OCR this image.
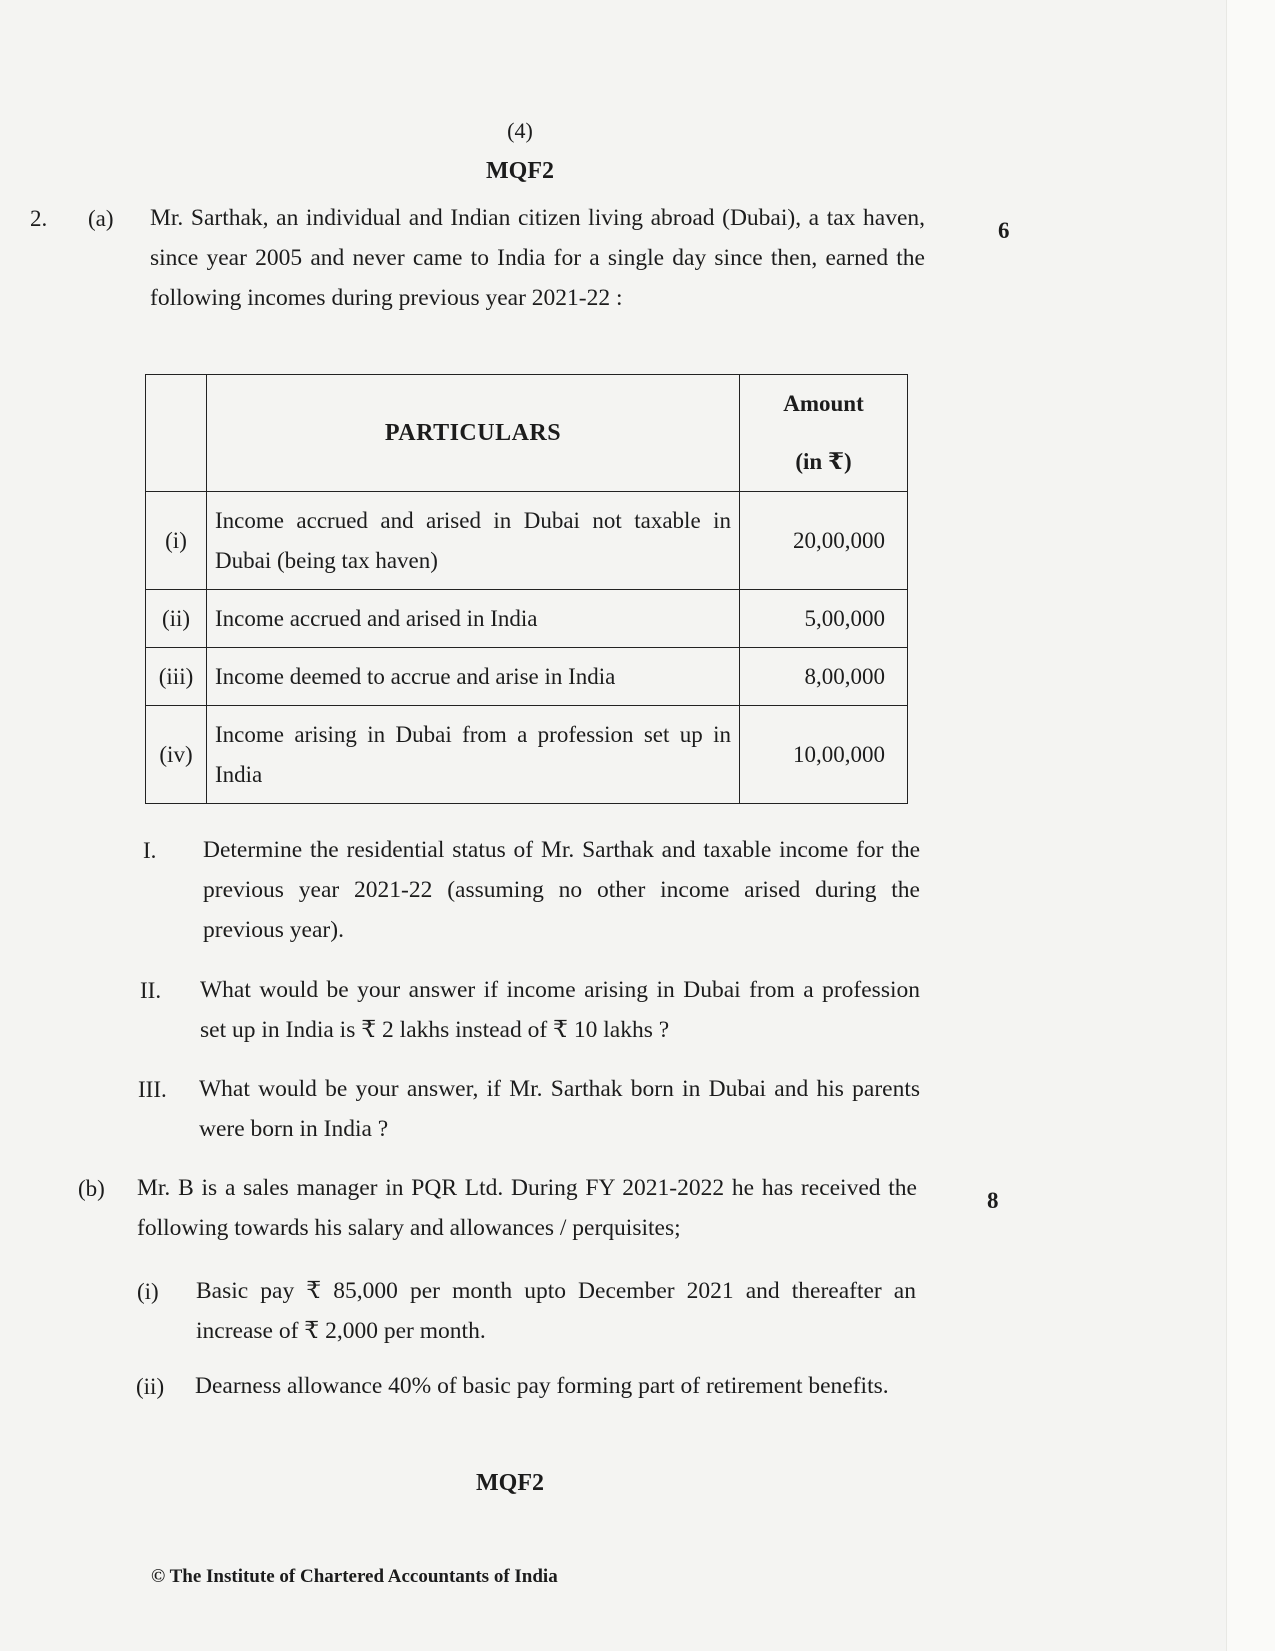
(4)
MQF2
2. (a)	6
Mr. Sarthak, an individual and Indian citizen living abroad (Dubai), a tax haven, since year 2005 and never came to India for a single day since then, earned the following incomes during previous year 2021-22 :
	PARTICULARS	Amount
(in ₹)

(i)	Income accrued and arised in Dubai not taxable in Dubai (being tax haven)	20,00,000
(ii)	Income accrued and arised in India	5,00,000
(iii)	Income deemed to accrue and arise in India	8,00,000
(iv)	Income arising in Dubai from a profession set up in India	10,00,000
I. Determine the residential status of Mr. Sarthak and taxable income for the previous year 2021-22 (assuming no other income arised during the previous year).
II. What would be your answer if income arising in Dubai from a profession set up in India is ₹ 2 lakhs instead of ₹ 10 lakhs ?
III. What would be your answer, if Mr. Sarthak born in Dubai and his parents were born in India ?
(b)	8
Mr. B is a sales manager in PQR Ltd. During FY 2021-2022 he has received the following towards his salary and allowances / perquisites;
(i) Basic pay ₹ 85,000 per month upto December 2021 and thereafter an increase of ₹ 2,000 per month.
(ii) Dearness allowance 40% of basic pay forming part of retirement benefits.
MQF2
© The Institute of Chartered Accountants of India
